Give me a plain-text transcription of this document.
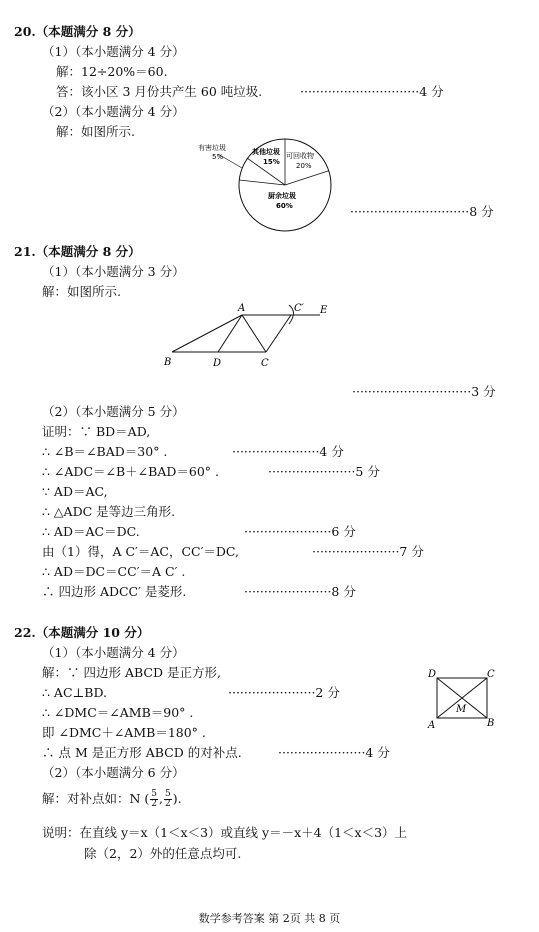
20.（本题满分 8 分）
（1）（本小题满分 4 分）
解：12÷20%＝60.
答：该小区 3 月份共产生 60 吨垃圾.	······························4 分
（2）（本小题满分 4 分）
解：如图所示.
有害垃圾
5%
其他垃圾
15%
可回收物
20%
厨余垃圾
60%	······························8 分
21.（本题满分 8 分）
（1）（本小题满分 3 分）
解：如图所示.
A
B	D	C
C′ E
······························3 分
（2）（本小题满分 5 分）
证明：∵ BD＝AD,
∴ ∠B＝∠BAD＝30° .	······················4 分
∴ ∠ADC＝∠B＋∠BAD＝60° .	······················5 分
∵ AD＝AC,
∴ △ADC 是等边三角形.
∴ AD＝AC＝DC.	······················6 分
由（1）得，A C′＝AC，CC′＝DC,	······················7 分
∴ AD＝DC＝CC′＝A C′ .
∴ 四边形 ADCC′ 是菱形.	······················8 分
22.（本题满分 10 分）
（1）（本小题满分 4 分）
解：∵ 四边形 ABCD 是正方形,
∴ AC⊥BD.	······················2 分
∴ ∠DMC＝∠AMB＝90° .
即 ∠DMC＋∠AMB＝180° .
∴ 点 M 是正方形 ABCD 的对补点.	······················4 分
D	C
A	B
M
（2）（本小题满分 6 分）
解：对补点如：N ( $\frac{5}{2}$ , $\frac{5}{2}$ ).
说明：在直线 y＝x（1＜x＜3）或直线 y＝－x＋4（1＜x＜3）上
除（2，2）外的任意点均可.
数学参考答案 第 2页 共 8 页
